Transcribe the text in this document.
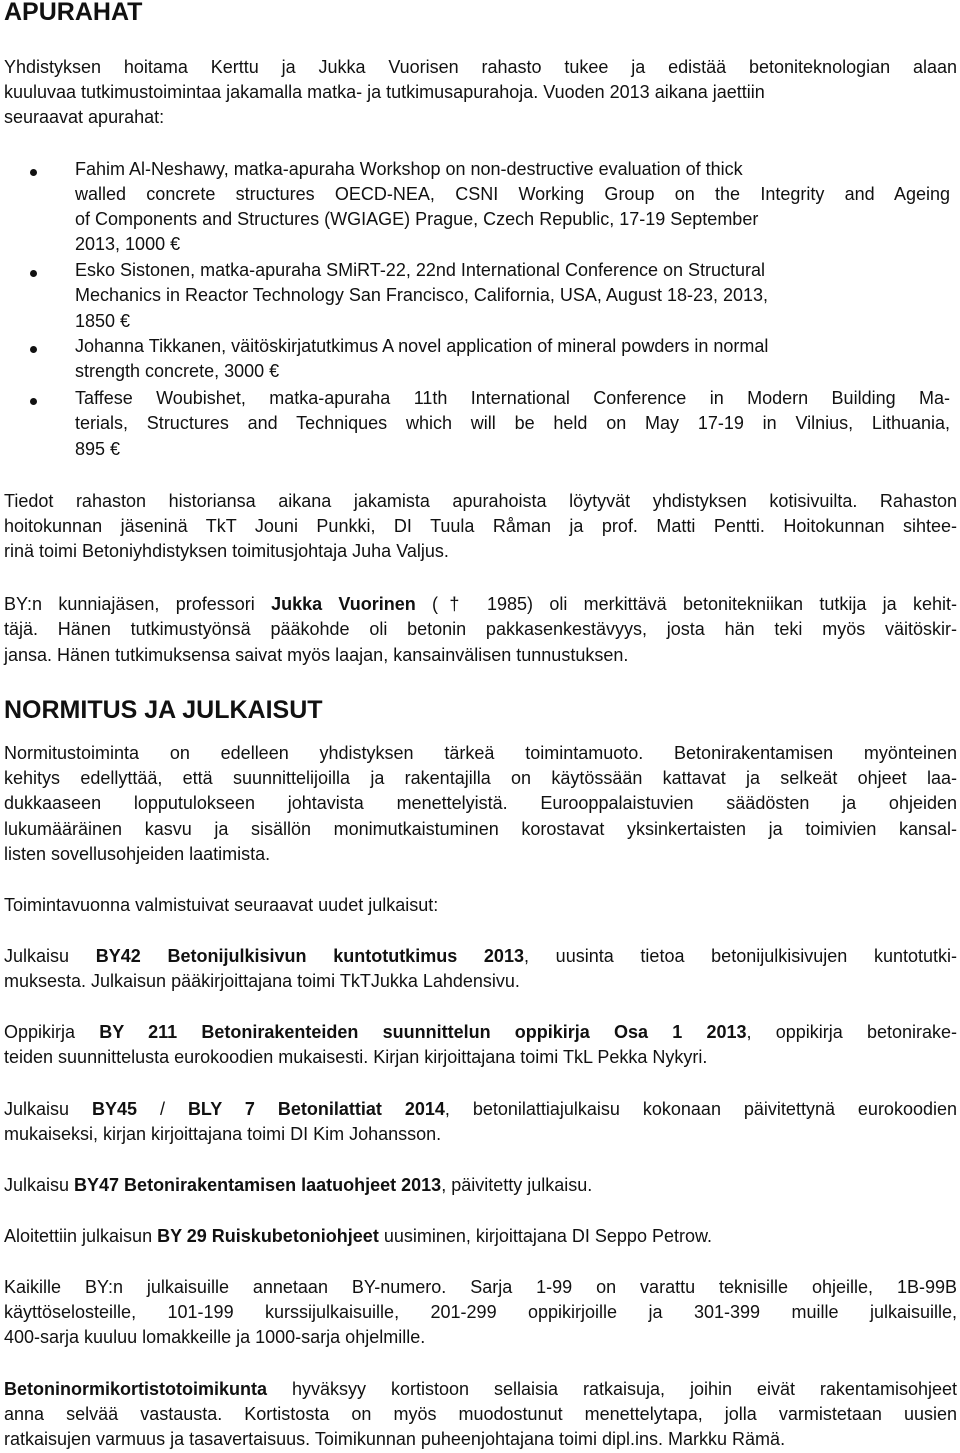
APURAHAT
Yhdistyksen hoitama Kerttu ja Jukka Vuorisen rahasto tukee ja edistää betoniteknologian alaan
kuuluvaa tutkimustoimintaa jakamalla matka- ja tutkimusapurahoja. Vuoden 2013 aikana jaettiin
seuraavat apurahat:
Fahim Al-Neshawy, matka-apuraha Workshop on non-destructive evaluation of thick
walled concrete structures OECD-NEA, CSNI Working Group on the Integrity and Ageing
of Components and Structures (WGIAGE) Prague, Czech Republic, 17-19 September
2013, 1000 €
Esko Sistonen, matka-apuraha SMiRT-22, 22nd International Conference on Structural
Mechanics in Reactor Technology San Francisco, California, USA, August 18-23, 2013,
1850 €
Johanna Tikkanen, väitöskirjatutkimus A novel application of mineral powders in normal
strength concrete, 3000 €
Taffese Woubishet, matka-apuraha 11th International Conference in Modern Building Ma-
terials, Structures and Techniques which will be held on May 17-19 in Vilnius, Lithuania,
895 €
Tiedot rahaston historiansa aikana jakamista apurahoista löytyvät yhdistyksen kotisivuilta. Rahaston
hoitokunnan jäseninä TkT Jouni Punkki, DI Tuula Råman ja prof. Matti Pentti. Hoitokunnan sihtee-
rinä toimi Betoniyhdistyksen toimitusjohtaja Juha Valjus.
BY:n kunniajäsen, professori Jukka Vuorinen († 1985) oli merkittävä betonitekniikan tutkija ja kehit-
täjä. Hänen tutkimustyönsä pääkohde oli betonin pakkasenkestävyys, josta hän teki myös väitöskir-
jansa. Hänen tutkimuksensa saivat myös laajan, kansainvälisen tunnustuksen.
NORMITUS JA JULKAISUT
Normitustoiminta on edelleen yhdistyksen tärkeä toimintamuoto. Betonirakentamisen myönteinen
kehitys edellyttää, että suunnittelijoilla ja rakentajilla on käytössään kattavat ja selkeät ohjeet laa-
dukkaaseen lopputulokseen johtavista menettelyistä. Eurooppalaistuvien säädösten ja ohjeiden
lukumääräinen kasvu ja sisällön monimutkaistuminen korostavat yksinkertaisten ja toimivien kansal-
listen sovellusohjeiden laatimista.
Toimintavuonna valmistuivat seuraavat uudet julkaisut:
Julkaisu BY42 Betonijulkisivun kuntotutkimus 2013, uusinta tietoa betonijulkisivujen kuntotutki-
muksesta. Julkaisun pääkirjoittajana toimi TkTJukka Lahdensivu.
Oppikirja BY 211 Betonirakenteiden suunnittelun oppikirja Osa 1 2013, oppikirja betonirake-
teiden suunnittelusta eurokoodien mukaisesti. Kirjan kirjoittajana toimi TkL Pekka Nykyri.
Julkaisu BY45 / BLY 7 Betonilattiat 2014, betonilattiajulkaisu kokonaan päivitettynä eurokoodien
mukaiseksi, kirjan kirjoittajana toimi DI Kim Johansson.
Julkaisu BY47 Betonirakentamisen laatuohjeet 2013, päivitetty julkaisu.
Aloitettiin julkaisun BY 29 Ruiskubetoniohjeet uusiminen, kirjoittajana DI Seppo Petrow.
Kaikille BY:n julkaisuille annetaan BY-numero. Sarja 1-99 on varattu teknisille ohjeille, 1B-99B
käyttöselosteille, 101-199 kurssijulkaisuille, 201-299 oppikirjoille ja 301-399 muille julkaisuille,
400-sarja kuuluu lomakkeille ja 1000-sarja ohjelmille.
Betoninormikortistotoimikunta hyväksyy kortistoon sellaisia ratkaisuja, joihin eivät rakentamisohjeet
anna selvää vastausta. Kortistosta on myös muodostunut menettelytapa, jolla varmistetaan uusien
ratkaisujen varmuus ja tasavertaisuus. Toimikunnan puheenjohtajana toimi dipl.ins. Markku Rämä.
